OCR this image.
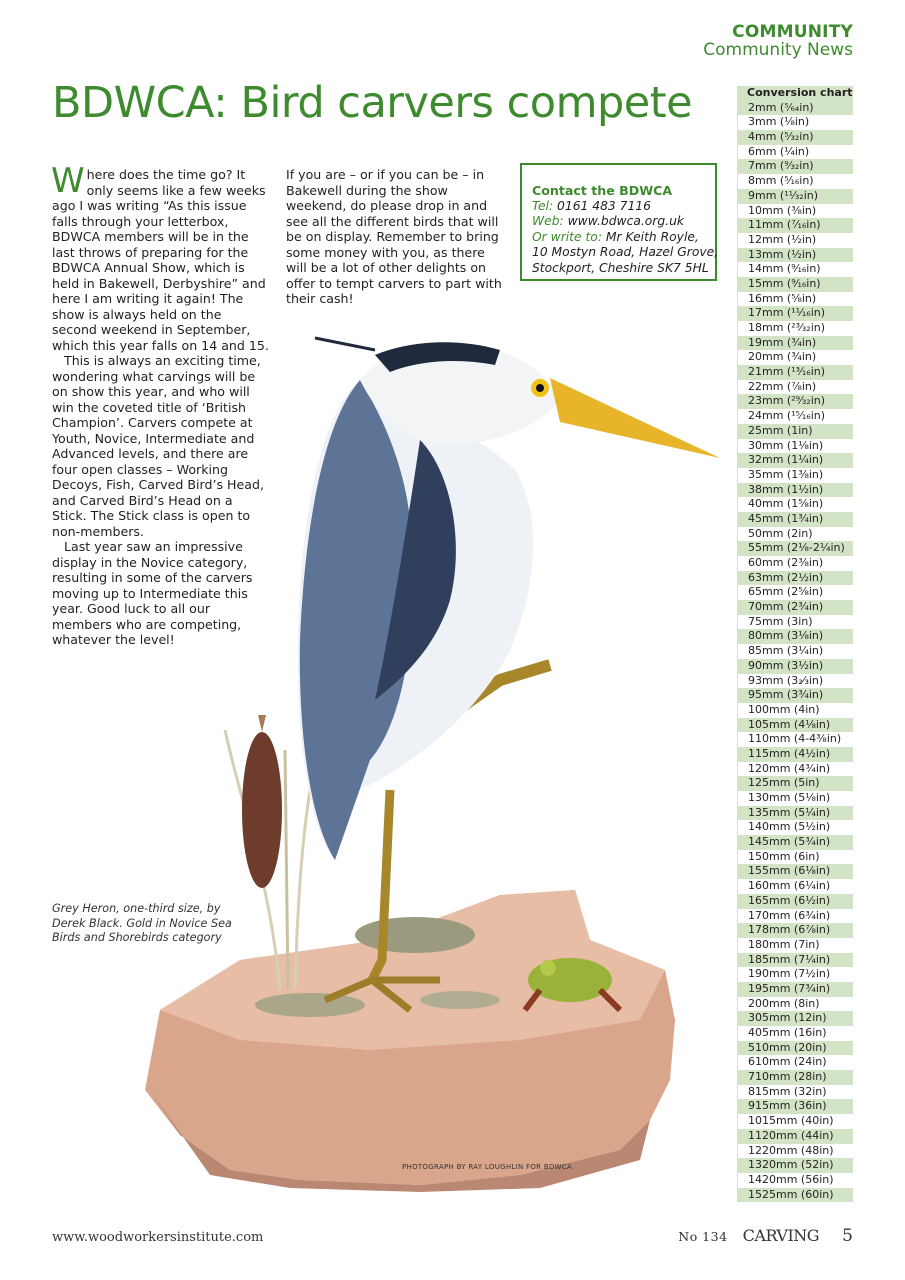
COMMUNITY
Community News
BDWCA: Bird carvers compete

Where does the time go? It only seems like a few weeks ago I was writing “As this issue falls through your letterbox, BDWCA members will be in the last throws of preparing for the BDWCA Annual Show, which is held in Bakewell, Derbyshire” and here I am writing it again! The show is always held on the second weekend in September, which this year falls on 14 and 15.

This is always an exciting time, wondering what carvings will be on show this year, and who will win the coveted title of ‘British Champion’. Carvers compete at Youth, Novice, Intermediate and Advanced levels, and there are four open classes – Working Decoys, Fish, Carved Bird’s Head, and Carved Bird’s Head on a Stick. The Stick class is open to non-members.

Last year saw an impressive display in the Novice category, resulting in some of the carvers moving up to Intermediate this year. Good luck to all our members who are competing, whatever the level!

If you are – or if you can be – in Bakewell during the show weekend, do please drop in and see all the different birds that will be on display. Remember to bring some money with you, as there will be a lot of other delights on offer to tempt carvers to part with their cash!

Contact the BDWCA
Tel: 0161 483 7116
Web: www.bdwca.org.uk
Or write to: Mr Keith Royle,
10 Mostyn Road, Hazel Grove,
Stockport, Cheshire SK7 5HL
PHOTOGRAPH BY RAY LOUGHLIN FOR BDWCA
Grey Heron, one-third size, by Derek Black. Gold in Novice Sea Birds and Shorebirds category
Conversion chart
2mm (⁵⁄₆₄in)
3mm (¹⁄₈in)
4mm (⁵⁄₃₂in)
6mm (¹⁄₄in)
7mm (⁹⁄₃₂in)
8mm (⁵⁄₁₆in)
9mm (¹¹⁄₃₂in)
10mm (³⁄₈in)
11mm (⁷⁄₁₆in)
12mm (¹⁄₂in)
13mm (¹⁄₂in)
14mm (⁹⁄₁₆in)
15mm (⁹⁄₁₆in)
16mm (⁵⁄₈in)
17mm (¹¹⁄₁₆in)
18mm (²³⁄₃₂in)
19mm (³⁄₄in)
20mm (³⁄₄in)
21mm (¹³⁄₁₆in)
22mm (⁷⁄₈in)
23mm (²⁹⁄₃₂in)
24mm (¹⁵⁄₁₆in)
25mm (1in)
30mm (1¹⁄₈in)
32mm (1¹⁄₄in)
35mm (1³⁄₈in)
38mm (1¹⁄₂in)
40mm (1⁵⁄₈in)
45mm (1³⁄₄in)
50mm (2in)
55mm (2¹⁄₈-2¹⁄₄in)
60mm (2³⁄₈in)
63mm (2½in)
65mm (2⁵⁄₈in)
70mm (2³⁄₄in)
75mm (3in)
80mm (3¹⁄₈in)
85mm (3¹⁄₄in)
90mm (3¹⁄₂in)
93mm (3₂⁄₃in)
95mm (3³⁄₄in)
100mm (4in)
105mm (4¹⁄₈in)
110mm (4-4³⁄₈in)
115mm (4½in)
120mm (4³⁄₄in)
125mm (5in)
130mm (5¹⁄₈in)
135mm (5¹⁄₄in)
140mm (5¹⁄₂in)
145mm (5³⁄₄in)
150mm (6in)
155mm (6¹⁄₈in)
160mm (6¹⁄₄in)
165mm (6¹⁄₂in)
170mm (6³⁄₄in)
178mm (6⁷⁄₈in)
180mm (7in)
185mm (7¹⁄₄in)
190mm (7½in)
195mm (7³⁄₄in)
200mm (8in)
305mm (12in)
405mm (16in)
510mm (20in)
610mm (24in)
710mm (28in)
815mm (32in)
915mm (36in)
1015mm (40in)
1120mm (44in)
1220mm (48in)
1320mm (52in)
1420mm (56in)
1525mm (60in)
www.woodworkersinstitute.com	No 134 CARVING 5
